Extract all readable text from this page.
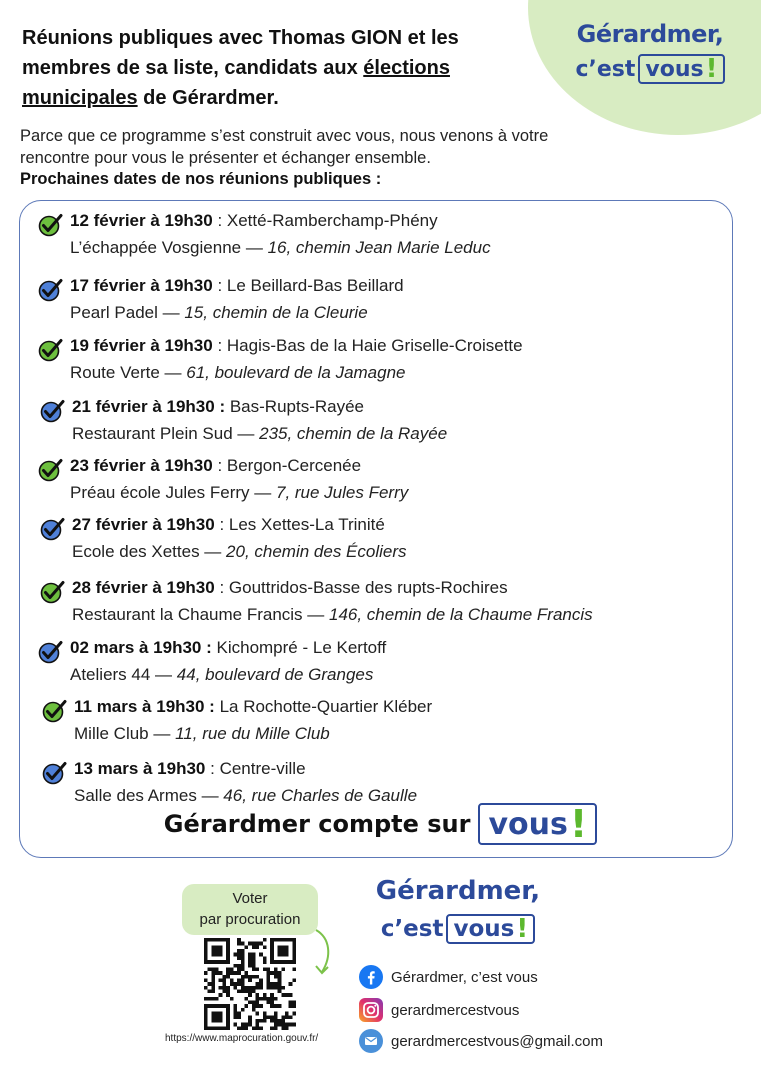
Gérardmer,
c’est vous !
Réunions publiques avec Thomas GION et les membres de sa liste, candidats aux élections municipales de Gérardmer.

Parce que ce programme s’est construit avec vous, nous venons à votre rencontre pour vous le présenter et échanger ensemble.

Prochaines dates de nos réunions publiques :

12 février à 19h30 : Xetté-Ramberchamp-Phény
L’échappée Vosgienne — 16, chemin Jean Marie Leduc
17 février à 19h30 : Le Beillard-Bas Beillard
Pearl Padel — 15, chemin de la Cleurie
19 février à 19h30 : Hagis-Bas de la Haie Griselle-Croisette
Route Verte — 61, boulevard de la Jamagne
21 février à 19h30 : Bas-Rupts-Rayée
Restaurant Plein Sud — 235, chemin de la Rayée
23 février à 19h30 : Bergon-Cercenée
Préau école Jules Ferry — 7, rue Jules Ferry
27 février à 19h30 : Les Xettes-La Trinité
Ecole des Xettes — 20, chemin des Écoliers
28 février à 19h30 : Gouttridos-Basse des rupts-Rochires
Restaurant la Chaume Francis — 146, chemin de la Chaume Francis
02 mars à 19h30 : Kichompré - Le Kertoff
Ateliers 44 — 44, boulevard de Granges
11 mars à 19h30 : La Rochotte-Quartier Kléber
Mille Club — 11, rue du Mille Club
13 mars à 19h30 : Centre-ville
Salle des Armes — 46, rue Charles de Gaulle
Gérardmer compte sur vous !
Voter
par procuration
https://www.maprocuration.gouv.fr/
Gérardmer,
c’est vous !
Gérardmer, c’est vous
gerardmercestvous
gerardmercestvous@gmail.com
